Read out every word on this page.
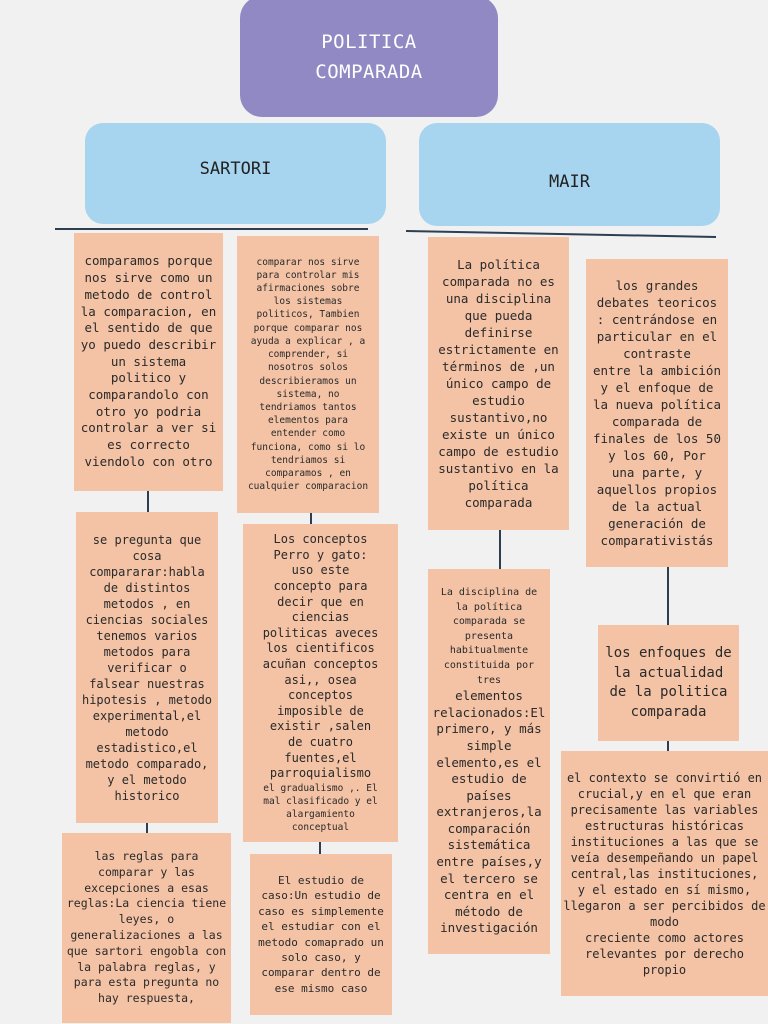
POLITICA
COMPARADA
SARTORI
MAIR
comparamos porque
nos sirve como un
metodo de control
la comparacion, en
el sentido de que
yo puedo describir
un sistema
politico y
comparandolo con
otro yo podria
controlar a ver si
es correcto
viendolo con otro
comparar nos sirve
para controlar mis
afirmaciones sobre
los sistemas
politicos, Tambien
porque comparar nos
ayuda a explicar , a
comprender, si
nosotros solos
describieramos un
sistema, no
tendriamos tantos
elementos para
entender como
funciona, como si lo
tendriamos si
comparamos , en
cualquier comparacion
se pregunta que
cosa
compararar:habla
de distintos
metodos , en
ciencias sociales
tenemos varios
metodos para
verificar o
falsear nuestras
hipotesis , metodo
experimental,el
metodo
estadistico,el
metodo comparado,
y el metodo
historico
Los conceptos
Perro y gato:
uso este
concepto para
decir que en
ciencias
politicas aveces
los cientificos
acuñan conceptos
asi,, osea
conceptos
imposible de
existir ,salen
de cuatro
fuentes,el
parroquialismo
el gradualismo ,. El
mal clasificado y el
alargamiento
conceptual
las reglas para
comparar y las
excepciones a esas
reglas:La ciencia tiene
leyes, o
generalizaciones a las
que sartori engobla con
la palabra reglas, y
para esta pregunta no
hay respuesta,
El estudio de
caso:Un estudio de
caso es simplemente
el estudiar con el
metodo comaprado un
solo caso, y
comparar dentro de
ese mismo caso
La política
comparada no es
una disciplina
que pueda
definirse
estrictamente en
términos de ,un
único campo de
estudio
sustantivo,no
existe un único
campo de estudio
sustantivo en la
política
comparada
los grandes
debates teoricos
: centrándose en
particular en el
contraste
entre la ambición
y el enfoque de
la nueva política
comparada de
finales de los 50
y los 60, Por
una parte, y
aquellos propios
de la actual
generación de
comparativistás
La disciplina de
la política
comparada se
presenta
habitualmente
constituida por
tres
elementos
relacionados:El
primero, y más
simple
elemento,es el
estudio de
países
extranjeros,la
comparación
sistemática
entre países,y
el tercero se
centra en el
método de
investigación
los enfoques de
la actualidad
de la politica
comparada
el contexto se convirtió en
crucial,y en el que eran
precisamente las variables
estructuras históricas
instituciones a las que se
veía desempeñando un papel
central,las instituciones,
y el estado en sí mismo,
llegaron a ser percibidos de
modo
creciente como actores
relevantes por derecho
propio
